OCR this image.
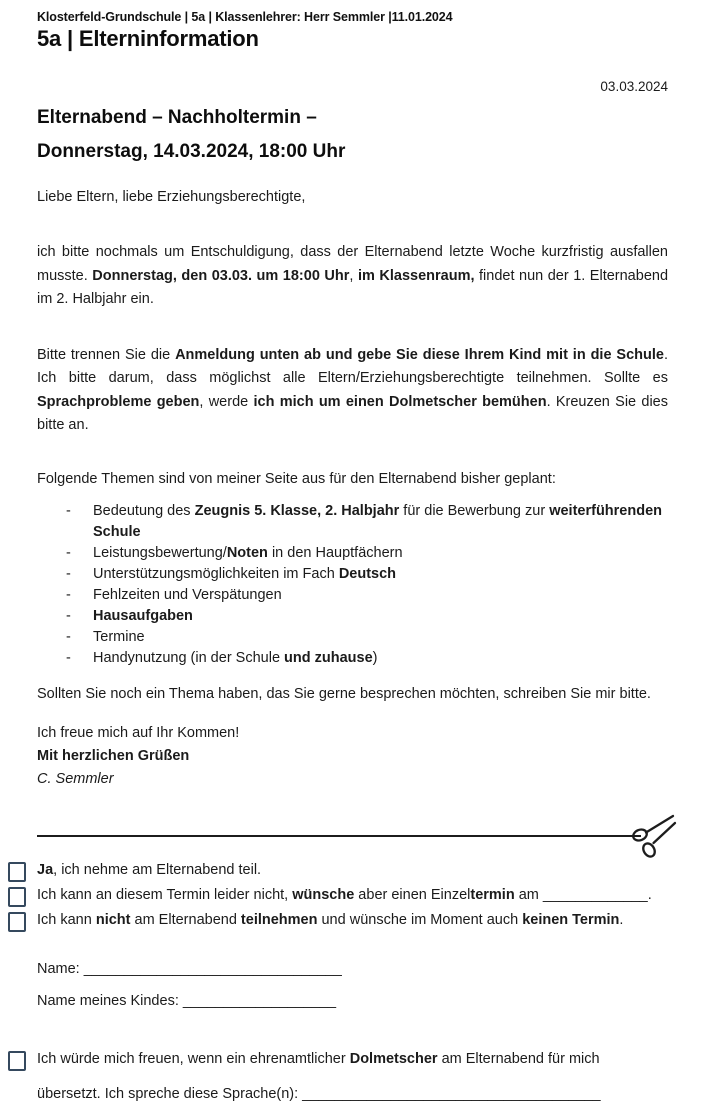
Klosterfeld-Grundschule | 5a | Klassenlehrer: Herr Semmler |11.01.2024
5a | Elterninformation
03.03.2024
Elternabend – Nachholtermin –
Donnerstag, 14.03.2024, 18:00 Uhr

Liebe Eltern, liebe Erziehungsberechtigte,

ich bitte nochmals um Entschuldigung, dass der Elternabend letzte Woche kurzfristig ausfallen musste. Donnerstag, den 03.03. um 18:00 Uhr, im Klassenraum, findet nun der 1. Elternabend im 2. Halbjahr ein.

Bitte trennen Sie die Anmeldung unten ab und gebe Sie diese Ihrem Kind mit in die Schule. Ich bitte darum, dass möglichst alle Eltern/Erziehungsberechtigte teilnehmen. Sollte es Sprachprobleme geben, werde ich mich um einen Dolmetscher bemühen. Kreuzen Sie dies bitte an.

Folgende Themen sind von meiner Seite aus für den Elternabend bisher geplant:

-	Bedeutung des Zeugnis 5. Klasse, 2. Halbjahr für die Bewerbung zur weiterführenden Schule
-	Leistungsbewertung/Noten in den Hauptfächern
-	Unterstützungsmöglichkeiten im Fach Deutsch
-	Fehlzeiten und Verspätungen
-	Hausaufgaben
-	Termine
-	Handynutzung (in der Schule und zuhause)

Sollten Sie noch ein Thema haben, das Sie gerne besprechen möchten, schreiben Sie mir bitte.

Ich freue mich auf Ihr Kommen!
Mit herzlichen Grüßen
C. Semmler
Ja, ich nehme am Elternabend teil.
Ich kann an diesem Termin leider nicht, wünsche aber einen Einzeltermin am _____________.
Ich kann nicht am Elternabend teilnehmen und wünsche im Moment auch keinen Termin.
Name: ________________________________
Name meines Kindes: ___________________
Ich würde mich freuen, wenn ein ehrenamtlicher Dolmetscher am Elternabend für mich
übersetzt. Ich spreche diese Sprache(n): _____________________________________
